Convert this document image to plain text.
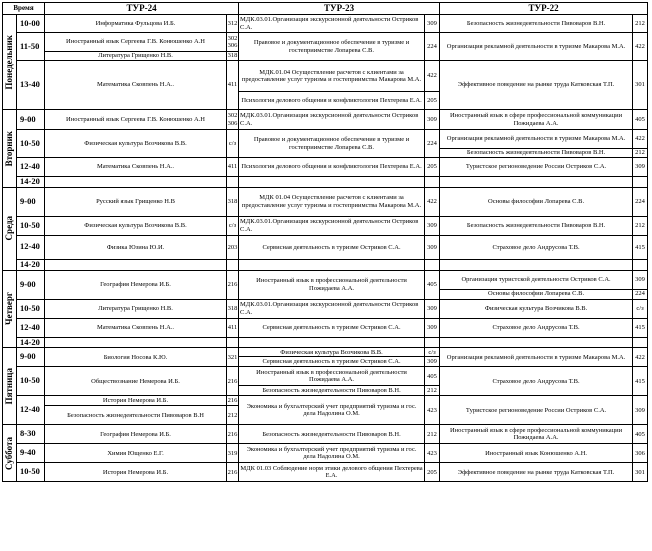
Время		ТУР-24		ТУР-23		ТУР-22	

Понедельник	10-00	Информатика Фульцова И.Б.	312	МДК.03.01.Организация экскурсионной деятельности Остриков С.А.	309	Безопасность жизнедеятельности Пивоваров В.Н.	212
	11-50	Иностранный язык Сергеева Г.В. Конюшенко А.Н	302 306	Правовое и документационное обеспечение в туризме и гостеприимстве Лопарева С.В.	224	Организация рекламной деятельности в туризме Макарова М.А.	422
		Литература Грищенко Н.В.	318				
	13-40	Математика Сковпень Н.А..	411	МДК.01.04 Осуществление расчетов с клиентами за предоставление услуг туризма и гостеприимства Макарова М.А.	422	Эффективное поведение на рынке труда Катковская Т.П.	301

				Психология делового общения и конфликтология Пехтерева Е.А.	205		

Вторник	9-00	Иностранный язык Сергеева Г.В. Конюшенко А.Н	302 306	МДК.03.01.Организация экскурсионной деятельности Остриков С.А.	309	Иностранный язык в сфере профессиональной коммуникации Пожидаева А.А.	405
	10-50	Физическая культура Возчикова В.В.	с/з	Правовое и документационное обеспечение в туризме и гостеприимстве Лопарева С.В.	224	Организация рекламной деятельности в туризме Макарова М.А.	422
						Безопасность жизнедеятельности Пивоваров В.Н.	212
	12-40	Математика Сковпень Н.А..	411	Психология делового общения и конфликтология Пехтерева Е.А.	205	Туристское регионоведение России Остриков С.А.	309
	14-20						

Среда	9-00	Русский язык Грищенко Н.В	318	МДК 01.04 Осуществление расчетов с клиентами за предоставление услуг туризма и гостеприимства Макарова М.А.	422	Основы философии Лопарева С.В.	224
	10-50	Физическая культура Возчикова В.В.	с/з	МДК.03.01.Организация экскурсионной деятельности Остриков С.А.	309	Безопасность жизнедеятельности Пивоваров В.Н.	212
	12-40	Физика Юзина Ю.И.	203	Сервисная деятельность в туризме Остриков С.А.	309	Страховое дело Андрусова Т.В.	415
	14-20						

Четверг	9-00	География Немерова И.Б.	216	Иностранный язык в профессиональной деятельности Пожидаева А.А.	405	Организация туристской деятельности Остриков С.А.	309
						Основы философии Лопарева С.В.	224
	10-50	Литература Грищенко Н.В.	318	МДК.03.01.Организация экскурсионной деятельности Остриков С.А.	309	Физическая культура Возчикова В.В.	с/з
	12-40	Математика Сковпень Н.А..	411	Сервисная деятельность в туризме Остриков С.А.	309	Страховое дело Андрусова Т.В.	415
	14-20						

Пятница	9-00	Биология Носова К.Ю.	321	Физическая культура Возчикова В.В.	с/з	Организация рекламной деятельности в туризме Макарова М.А.	422
				Сервисная деятельность в туризме Остриков С.А.	309		
	10-50	Обществознание Немерова И.Б.	216	Иностранный язык в профессиональной деятельности Пожидаева А.А.	405	Страховое дело Андрусова Т.В.	415
				Безопасность жизнедеятельности Пивоваров В.Н.	212		
	12-40	История Немерова И.Б.	216	Экономика и бухгалтерский учет предприятий туризма и гос. дела Надолина О.М.	423	Туристское регионоведение России Остриков С.А.	309
		Безопасность жизнедеятельности Пивоваров В.Н	212				

Суббота	8-30	География Немерова И.Б.	216	Безопасность жизнедеятельности Пивоваров В.Н.	212	Иностранный язык в сфере профессиональной коммуникации Пожидаева А.А.	405
	9-40	Химия Ющенко Е.Г.	319	Экономика и бухгалтерский учет предприятий туризма и гос. дела Надолина О.М.	423	Иностранный язык Конюшенко А.Н.	306
	10-50	История Немерова И.Б.	216	МДК 01.03 Соблюдение норм этики делового общения Пехтерева Е.А.	205	Эффективное поведение на рынке труда Катковская Т.П.	301
